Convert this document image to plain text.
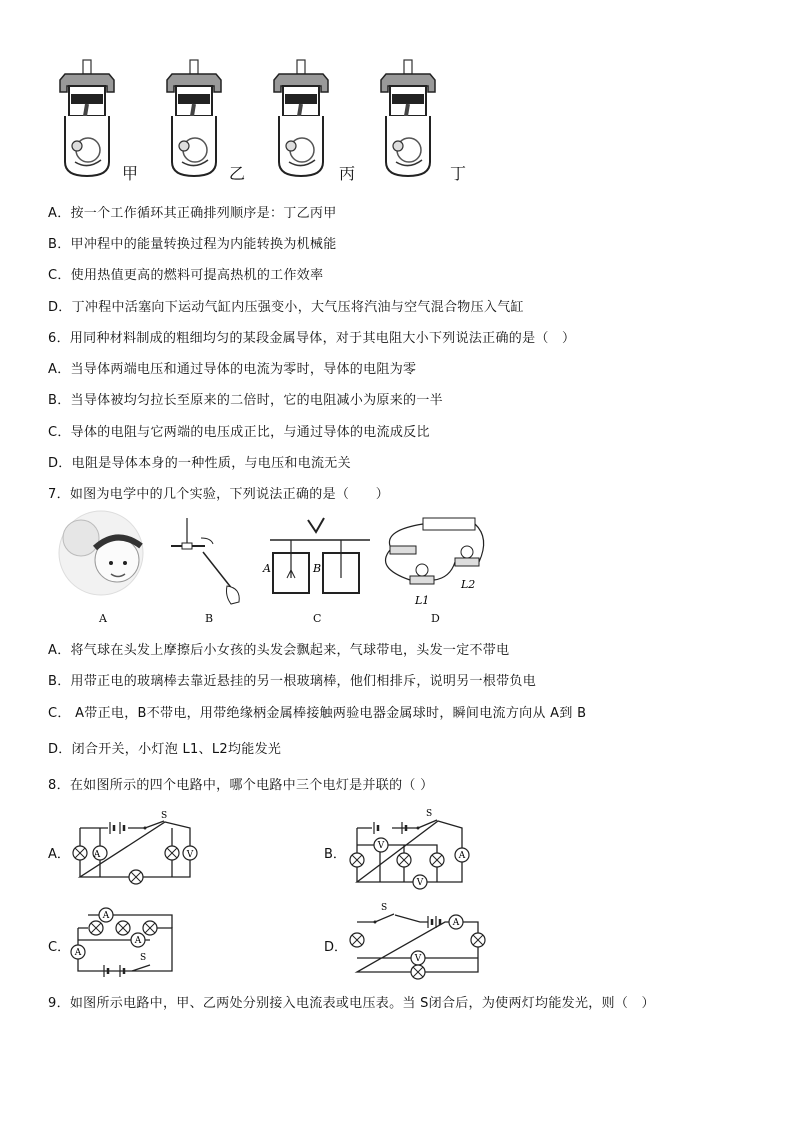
甲	乙	丙	丁
A．按一个工作循环其正确排列顺序是：丁乙丙甲
B．甲冲程中的能量转换过程为内能转换为机械能
C．使用热值更高的燃料可提高热机的工作效率
D．丁冲程中活塞向下运动气缸内压强变小，大气压将汽油与空气混合物压入气缸
6．用同种材料制成的粗细均匀的某段金属导体，对于其电阻大小下列说法正确的是（　）
A．当导体两端电压和通过导体的电流为零时，导体的电阻为零
B．当导体被均匀拉长至原来的二倍时，它的电阻减小为原来的一半
C．导体的电阻与它两端的电压成正比，与通过导体的电流成反比
D．电阻是导体本身的一种性质，与电压和电流无关
7．如图为电学中的几个实验，下列说法正确的是（　　）
A	B
L1
L2
A	B	C	D
A．将气球在头发上摩擦后小女孩的头发会飘起来，气球带电，头发一定不带电
B．用带正电的玻璃棒去靠近悬挂的另一根玻璃棒，他们相排斥，说明另一根带负电
C． A带正电，B不带电，用带绝缘柄金属棒接触两验电器金属球时，瞬间电流方向从 A到 B
D．闭合开关，小灯泡 L1、L2均能发光
8．在如图所示的四个电路中，哪个电路中三个电灯是并联的（ ）
A．	B．
C．	D．
A	V
S
V
A
V
S
A
A
A	S
A
V
S
9．如图所示电路中，甲、乙两处分别接入电流表或电压表。当 S闭合后，为使两灯均能发光，则（　）
